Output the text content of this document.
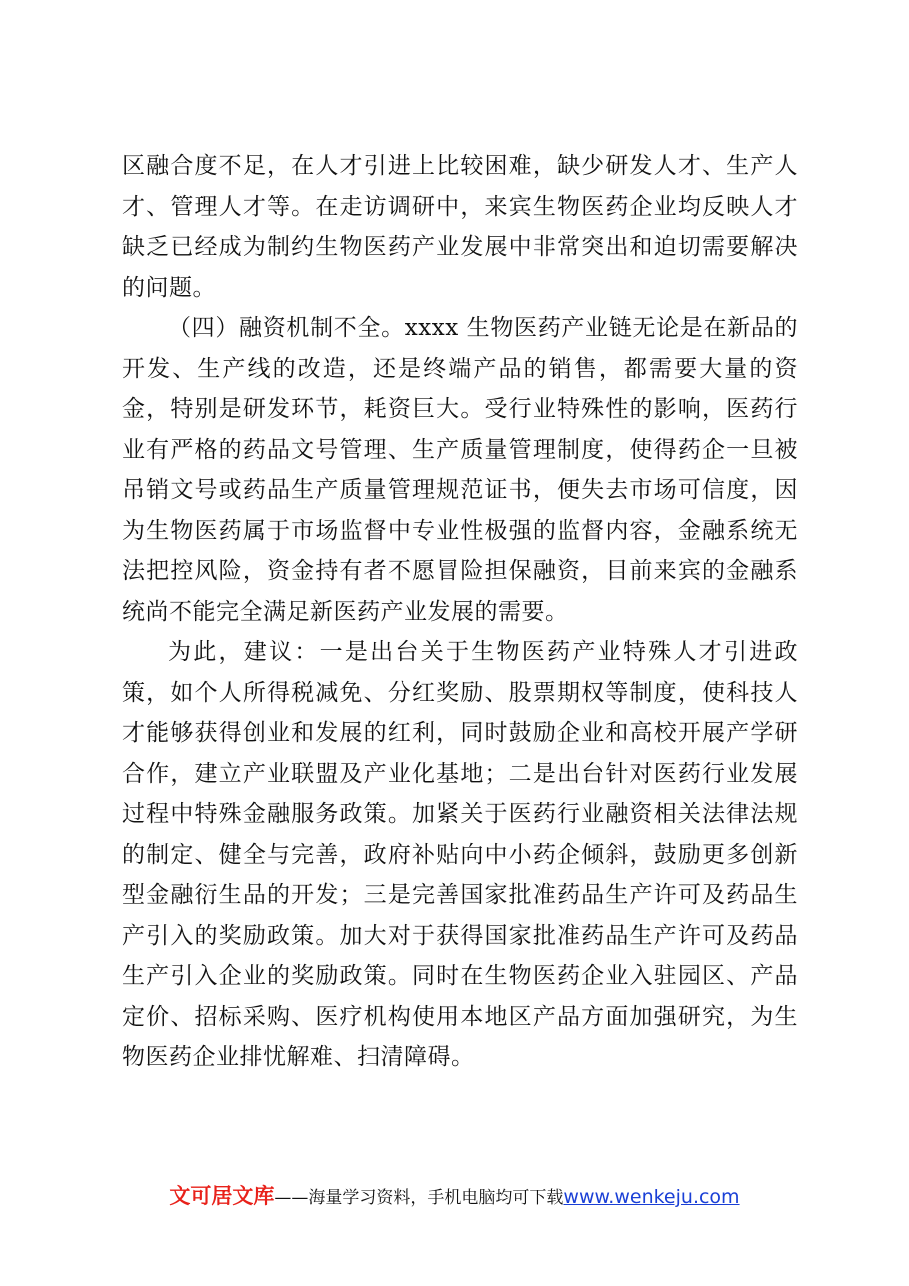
区融合度不足，在人才引进上比较困难，缺少研发人才、生产人才、管理人才等。在走访调研中，来宾生物医药企业均反映人才缺乏已经成为制约生物医药产业发展中非常突出和迫切需要解决的问题。

（四）融资机制不全。xxxx 生物医药产业链无论是在新品的开发、生产线的改造，还是终端产品的销售，都需要大量的资金，特别是研发环节，耗资巨大。受行业特殊性的影响，医药行业有严格的药品文号管理、生产质量管理制度，使得药企一旦被吊销文号或药品生产质量管理规范证书，便失去市场可信度，因为生物医药属于市场监督中专业性极强的监督内容，金融系统无法把控风险，资金持有者不愿冒险担保融资，目前来宾的金融系统尚不能完全满足新医药产业发展的需要。

为此，建议：一是出台关于生物医药产业特殊人才引进政策，如个人所得税减免、分红奖励、股票期权等制度，使科技人才能够获得创业和发展的红利，同时鼓励企业和高校开展产学研合作，建立产业联盟及产业化基地；二是出台针对医药行业发展过程中特殊金融服务政策。加紧关于医药行业融资相关法律法规的制定、健全与完善，政府补贴向中小药企倾斜，鼓励更多创新型金融衍生品的开发；三是完善国家批准药品生产许可及药品生产引入的奖励政策。加大对于获得国家批准药品生产许可及药品生产引入企业的奖励政策。同时在生物医药企业入驻园区、产品定价、招标采购、医疗机构使用本地区产品方面加强研究，为生物医药企业排忧解难、扫清障碍。

文可居文库——海量学习资料，手机电脑均可下载www.wenkeju.com
